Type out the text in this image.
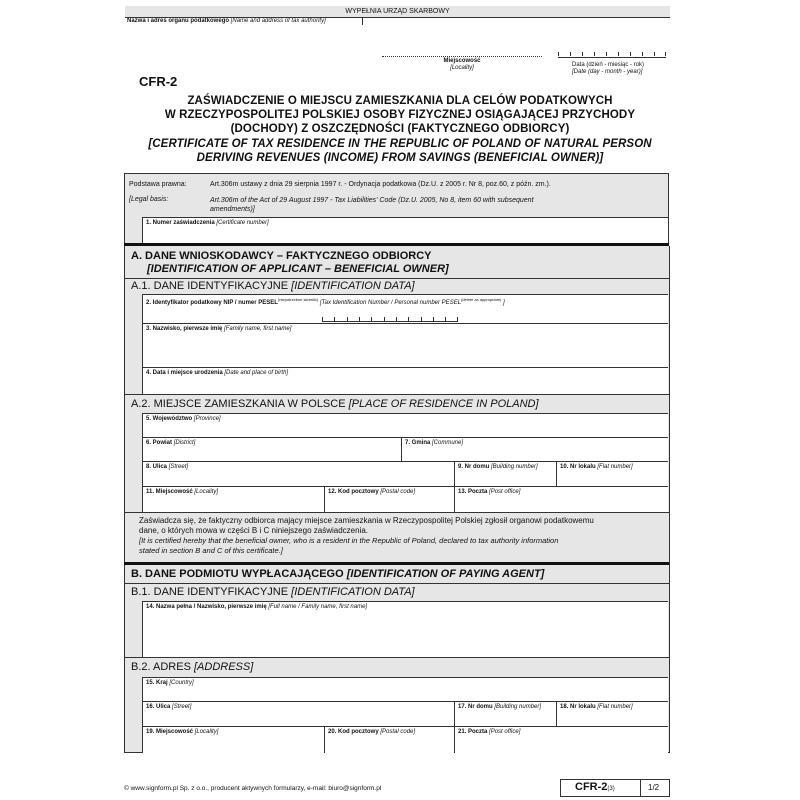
WYPEŁNIA URZĄD SKARBOWY
Nazwa i adres organu podatkowego [Name and address of tax authority]
Miejscowość
[Locality]	Data (dzień - miesiąc - rok)
[Date (day - month - year)]
CFR-2
ZAŚWIADCZENIE O MIEJSCU ZAMIESZKANIA DLA CELÓW PODATKOWYCH
W RZECZYPOSPOLITEJ POLSKIEJ OSOBY FIZYCZNEJ OSIĄGAJĄCEJ PRZYCHODY
(DOCHODY) Z OSZCZĘDNOŚCI (FAKTYCZNEGO ODBIORCY)
[CERTIFICATE OF TAX RESIDENCE IN THE REPUBLIC OF POLAND OF NATURAL PERSON
DERIVING REVENUES (INCOME) FROM SAVINGS (BENEFICIAL OWNER)]
Podstawa prawna:	Art.306m ustawy z dnia 29 sierpnia 1997 r. - Ordynacja podatkowa (Dz.U. z 2005 r. Nr 8, poz.60, z późn. zm.).
[Legal basis:	Art.306m of the Act of 29 August 1997 - Tax Liabilities' Code (Dz.U. 2005, No 8, item 60 with subsequent
amendments)]
1. Numer zaświadczenia [Certificate number]
A. DANE WNIOSKODAWCY – FAKTYCZNEGO ODBIORCY
[IDENTIFICATION OF APPLICANT – BENEFICIAL OWNER]
A.1. DANE IDENTYFIKACYJNE [IDENTIFICATION DATA]
2. Identyfikator podatkowy NIP / numer $PESEL^{(niepotrzebne skreślić)}$ [Tax Identification Number / Personal number $PESEL^{(delete as appropriate)}$ ]
3. Nazwisko, pierwsze imię [Family name, first name]
4. Data i miejsce urodzenia [Date and place of birth]
A.2. MIEJSCE ZAMIESZKANIA W POLSCE [PLACE OF RESIDENCE IN POLAND]
5. Województwo [Province]
6. Powiat [District]	7. Gmina [Commune]
8. Ulica [Street]	9. Nr domu [Building number]	10. Nr lokalu [Flat number]
11. Miejscowość [Locality]	12. Kod pocztowy [Postal code]	13. Poczta [Post office]
Zaświadcza się, że faktyczny odbiorca mający miejsce zamieszkania w Rzeczypospolitej Polskiej zgłosił organowi podatkowemu
dane, o których mowa w części B i C niniejszego zaświadczenia.
[It is certified hereby that the beneficial owner, who is a resident in the Republic of Poland, declared to tax authority information
stated in section B and C of this certificate.]
B. DANE PODMIOTU WYPŁACAJĄCEGO [IDENTIFICATION OF PAYING AGENT]
B.1. DANE IDENTYFIKACYJNE [IDENTIFICATION DATA]
14. Nazwa pełna / Nazwisko, pierwsze imię [Full name / Family name, first name]
B.2. ADRES [ADDRESS]
15. Kraj [Country]
16. Ulica [Street]	17. Nr domu [Building number]	18. Nr lokalu [Flat number]
19. Miejscowość [Locality]	20. Kod pocztowy [Postal code]	21. Poczta [Post office]
© www.signform.pl Sp. z o.o., producent aktywnych formularzy, e-mail: biuro@signform.pl	CFR-2(3)	1/2
